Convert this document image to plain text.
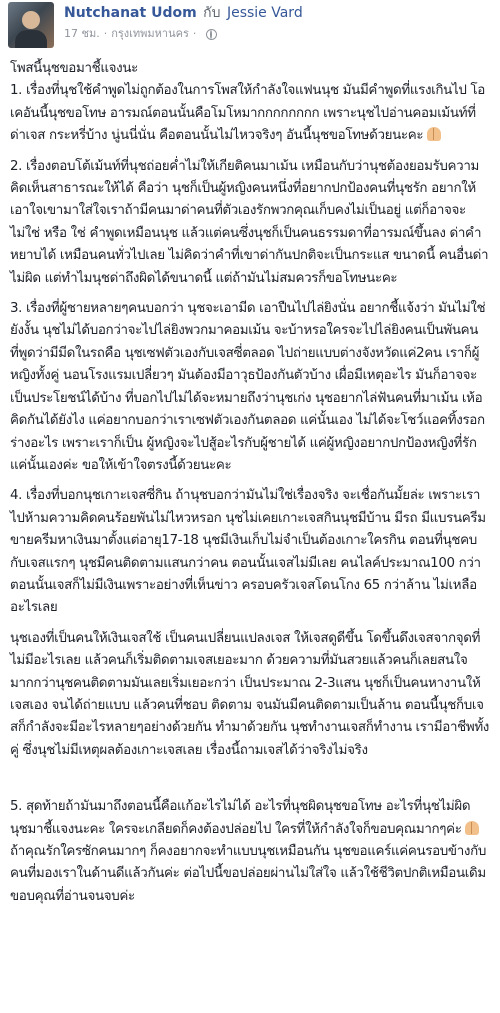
Nutchanat Udom กับ Jessie Vard
17 ชม. · กรุงเทพมหานคร ·

โพสนี้นุชขอมาชี้แจงนะ

1. เรื่องที่นุชใช้คำพูดไม่ถูกต้องในการโพสให้กำลังใจแฟนนุช มันมีคำพูดที่แรงเกินไป โอเคอันนี้นุชขอโทษ อารมณ์ตอนนั้นคือโมโหมากกกกกกกก เพราะนุชไปอ่านคอมเม้นท์ที่ด่าเจส กระหรี่บ้าง นู่นนี่นั่น คือตอนนั้นไม่ไหวจริงๆ อันนี้นุชขอโทษด้วยนะคะ

2. เรื่องตอบโต้เม้นท์ที่นุชถ่อยค่ำไม่ให้เกียติคนมาเม้น เหมือนกับว่านุชต้องยอมรับความคิดเห็นสาธารณะให้ได้ คือว่า นุชก็เป็นผู้หญิงคนหนึ่งที่อยากปกป้องคนที่นุชรัก อยากให้เอาใจเขามาใส่ใจเราถ้ามีคนมาด่าคนที่ตัวเองรักพวกคุณเก็บคงไม่เป็นอยู่ แต่ก็อาจจะไม่ใช่ หรือ ใช่ คำพูดเหมือนนุช แล้วแต่คนซึ่งนุชก็เป็นคนธรรมดาที่อารมณ์ขึ้นลง ด่าคำหยาบได้ เหมือนคนทั่วไปเลย ไม่คิดว่าคำที่เขาด่ากันปกติจะเป็นกระแส ขนาดนี้ คนอื่นด่าไม่ผิด แต่ทำไมนุชด่าถึงผิดได้ขนาดนี้ แต่ถ้ามันไม่สมควรก็ขอโทษนะคะ

3. เรื่องที่ผู้ชายหลายๆคนบอกว่า นุชจะเอามีด เอาปืนไปไล่ยิงนั่น อยากชี้แจ้งว่า มันไม่ใช่ยังงั้น นุชไม่ได้บอกว่าจะไปไล่ยิงพวกมาคอมเม้น จะบ้าหรอใครจะไปไล่ยิงคนเป็นพันคน ที่พูดว่ามีมีดในรถคือ นุชเซฟตัวเองกับเจสซี่ตลอด ไปถ่ายแบบต่างจังหวัดแค่2คน เราก็ผู้หญิงทั้งคู่ นอนโรงแรมเปลี่ยวๆ มันต้องมีอาวุธป้องกันตัวบ้าง เผื่อมีเหตุอะไร มันก็อาจจะเป็นประโยชน์ได้บ้าง ที่บอกไปไม่ได้จะหมายถึงว่านุชเก่ง นุชอยากไล่ฟันคนที่มาเม้น เห้อ คิดกันได้ยังไง แค่อยากบอกว่าเราเซฟตัวเองกันตลอด แค่นั้นเอง ไม่ได้จะโชว์แอคทิ้งรอกร่างอะไร เพราะเราก็เป็น ผู้หญิงจะไปสู้อะไรกับผู้ชายได้ แค่ผู้หญิงอยากปกป้องหญิงที่รักแค่นั้นเองค่ะ ขอให้เข้าใจตรงนี้ด้วยนะคะ

4. เรื่องที่บอกนุชเกาะเจสซี่กิน ถ้านุชบอกว่ามันไม่ใช่เรื่องจริง จะเชื่อกันมั้ยล่ะ เพราะเราไปห้ามความคิดคนร้อยพันไม่ไหวหรอก นุชไม่เคยเกาะเจสกินนุชมีบ้าน มีรถ มีแบรนครีม ขายครีมหาเงินมาตั้งแต่อายุ17-18 นุชมีเงินเก็บไม่จำเป็นต้องเกาะใครกิน ตอนที่นุชคบกับเจสแรกๆ นุชมีคนติดตามแสนกว่าคน ตอนนั้นเจสไม่มีเลย คนไลค์ประมาณ100 กว่า ตอนนั้นเจสก็ไม่มีเงินเพราะอย่างที่เห็นข่าว ครอบครัวเจสโดนโกง 65 กว่าล้าน ไม่เหลืออะไรเลย

นุชเองที่เป็นคนให้เงินเจสใช้ เป็นคนเปลี่ยนแปลงเจส ให้เจสดูดีขึ้น โดขึ้นดึงเจสจากจุดที่ไม่มีอะไรเลย แล้วคนก็เริ่มติดตามเจสเยอะมาก ด้วยความที่มันสวยแล้วคนก็เลยสนใจมากกว่านุชคนติดตามมันเลยเริ่มเยอะกว่า เป็นประมาณ 2-3แสน นุชก็เป็นคนหางานให้เจสเอง จนได้ถ่ายแบบ แล้วคนที่ชอบ ติดตาม จนมันมีคนติดตามเป็นล้าน ตอนนี้นุชก็บเจสก็กำลังจะมีอะไรหลายๆอย่างด้วยกัน ทำมาด้วยกัน นุชทำงานเจสก็ทำงาน เรามีอาชีพทั้งคู่ ซึ่งนุชไม่มีเหตุผลต้องเกาะเจสเลย เรื่องนี้ถามเจสได้ว่าจริงไม่จริง

5. สุดท้ายถ้ามันมาถึงตอนนี้คือแก้อะไรไม่ได้ อะไรที่นุชผิดนุชขอโทษ อะไรที่นุชไม่ผิด นุชมาชี้แจงนะคะ ใครจะเกลียดก็คงต้องปล่อยไป ใครที่ให้กำลังใจก็ขอบคุณมากๆค่ะ  ถ้าคุณรักใครซักคนมากๆ ก็คงอยากจะทำแบบนุชเหมือนกัน นุชขอแคร์แค่คนรอบข้างกับคนที่มองเราในด้านดีแล้วกันค่ะ ต่อไปนี้ขอปล่อยผ่านไม่ใส่ใจ แล้วใช้ชีวิตปกติเหมือนเดิม ขอบคุณที่อ่านจนจบค่ะ
